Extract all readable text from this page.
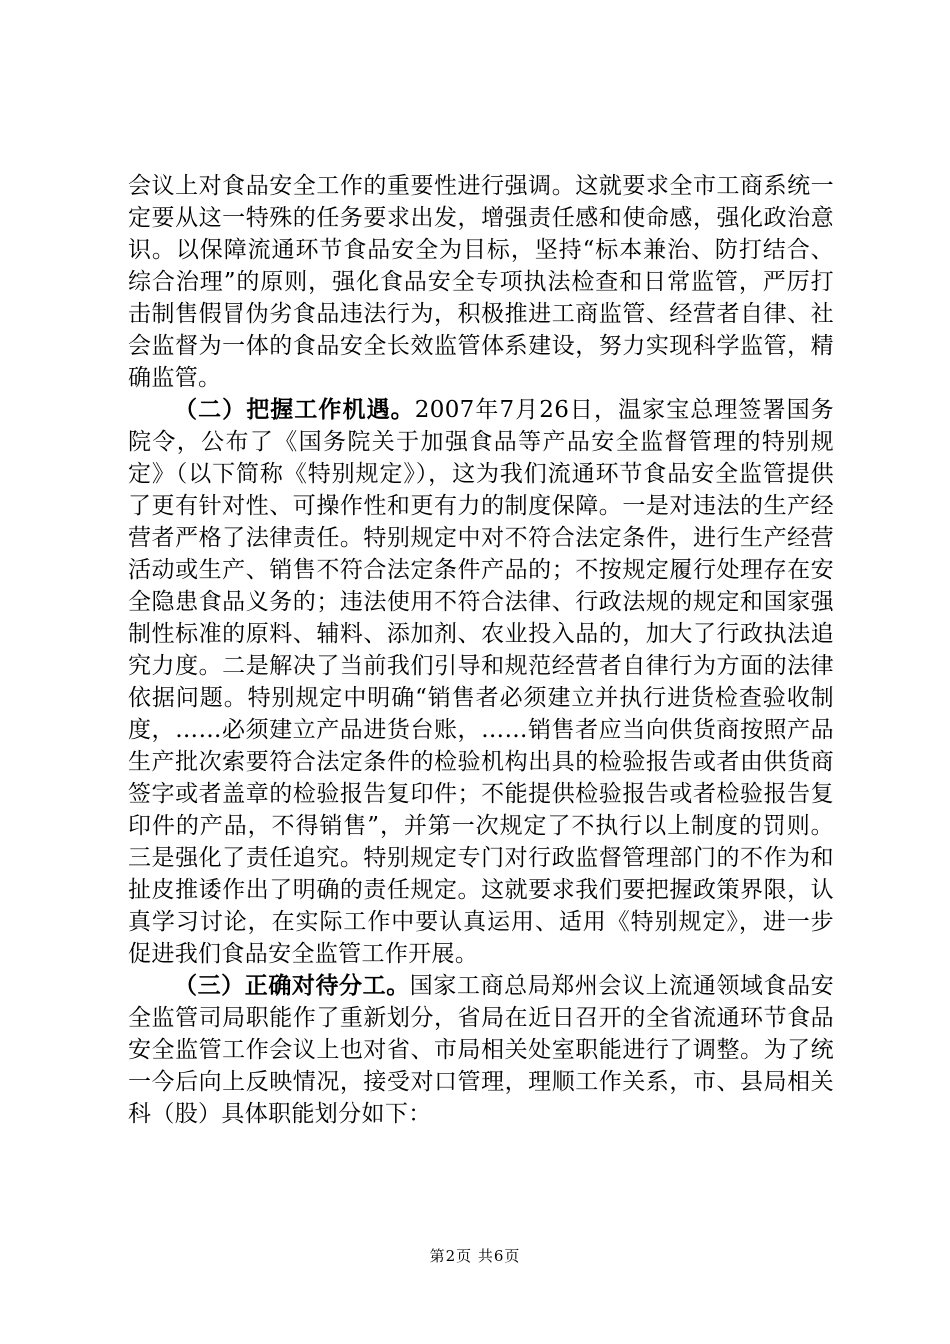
会议上对食品安全工作的重要性进行强调。这就要求全市工商系统一定要从这一特殊的任务要求出发，增强责任感和使命感，强化政治意识。以保障流通环节食品安全为目标，坚持“标本兼治、防打结合、综合治理”的原则，强化食品安全专项执法检查和日常监管，严厉打击制售假冒伪劣食品违法行为，积极推进工商监管、经营者自律、社会监督为一体的食品安全长效监管体系建设，努力实现科学监管，精确监管。

（二）把握工作机遇。2007年7月26日，温家宝总理签署国务院令，公布了《国务院关于加强食品等产品安全监督管理的特别规定》（以下简称《特别规定》），这为我们流通环节食品安全监管提供了更有针对性、可操作性和更有力的制度保障。一是对违法的生产经营者严格了法律责任。特别规定中对不符合法定条件，进行生产经营活动或生产、销售不符合法定条件产品的；不按规定履行处理存在安全隐患食品义务的；违法使用不符合法律、行政法规的规定和国家强制性标准的原料、辅料、添加剂、农业投入品的，加大了行政执法追究力度。二是解决了当前我们引导和规范经营者自律行为方面的法律依据问题。特别规定中明确“销售者必须建立并执行进货检查验收制度，……必须建立产品进货台账，……销售者应当向供货商按照产品生产批次索要符合法定条件的检验机构出具的检验报告或者由供货商签字或者盖章的检验报告复印件；不能提供检验报告或者检验报告复印件的产品，不得销售”，并第一次规定了不执行以上制度的罚则。三是强化了责任追究。特别规定专门对行政监督管理部门的不作为和扯皮推诿作出了明确的责任规定。这就要求我们要把握政策界限，认真学习讨论，在实际工作中要认真运用、适用《特别规定》，进一步促进我们食品安全监管工作开展。

（三）正确对待分工。国家工商总局郑州会议上流通领域食品安全监管司局职能作了重新划分，省局在近日召开的全省流通环节食品安全监管工作会议上也对省、市局相关处室职能进行了调整。为了统一今后向上反映情况，接受对口管理，理顺工作关系，市、县局相关科（股）具体职能划分如下：

第2页 共6页
